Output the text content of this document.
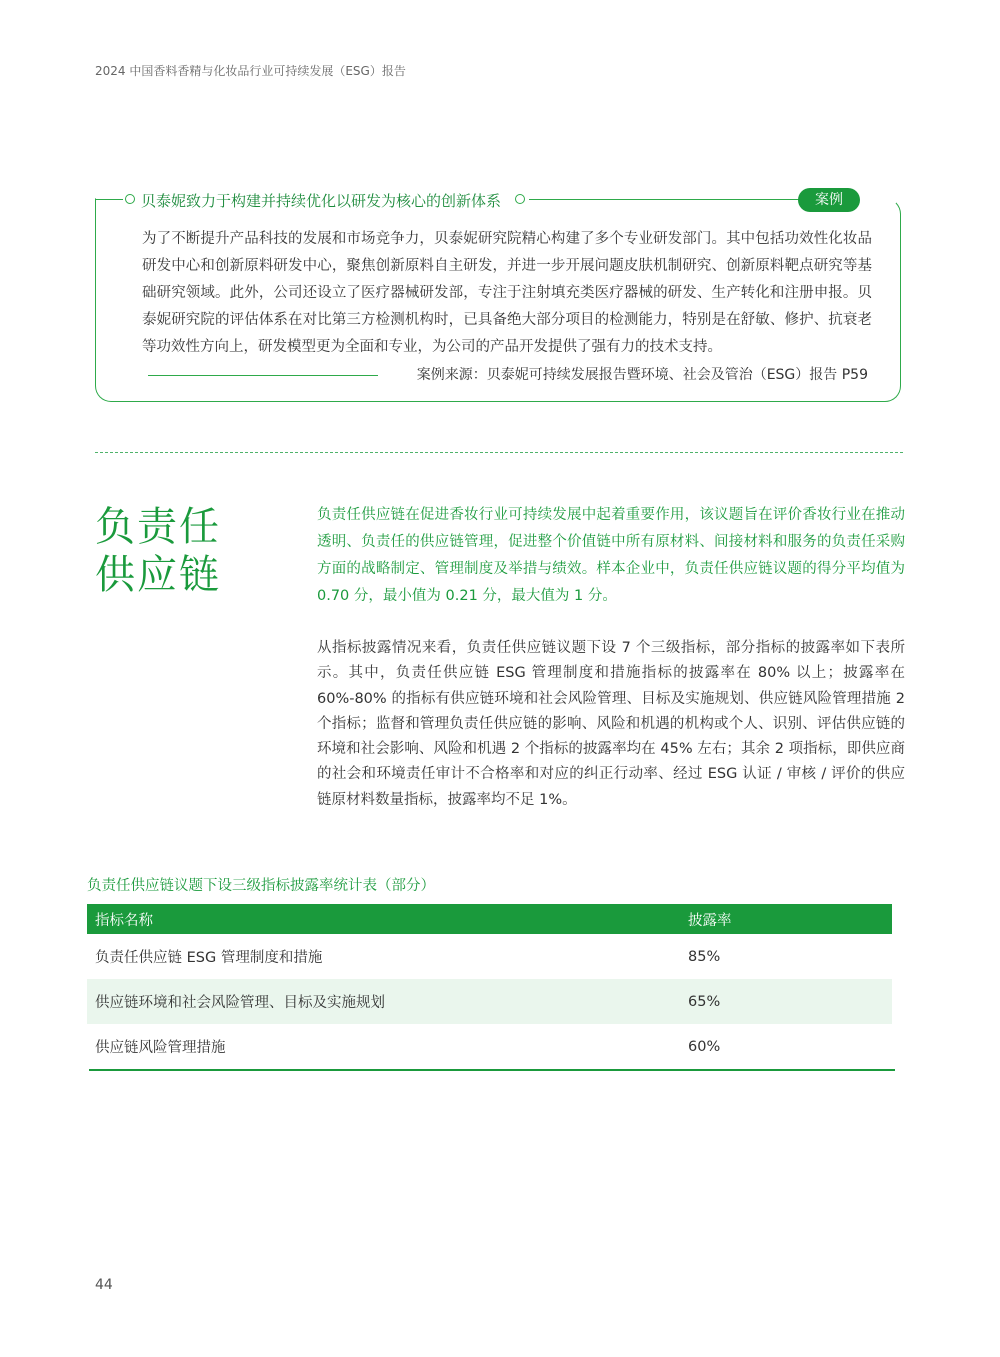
2024 中国香料香精与化妆品行业可持续发展（ESG）报告
贝泰妮致力于构建并持续优化以研发为核心的创新体系	案例
为了不断提升产品科技的发展和市场竞争力，贝泰妮研究院精心构建了多个专业研发部门。其中包括功效性化妆品研发中心和创新原料研发中心，聚焦创新原料自主研发，并进一步开展问题皮肤机制研究、创新原料靶点研究等基础研究领域。此外，公司还设立了医疗器械研发部，专注于注射填充类医疗器械的研发、生产转化和注册申报。贝泰妮研究院的评估体系在对比第三方检测机构时，已具备绝大部分项目的检测能力，特别是在舒敏、修护、抗衰老等功效性方向上，研发模型更为全面和专业，为公司的产品开发提供了强有力的技术支持。
案例来源：贝泰妮可持续发展报告暨环境、社会及管治（ESG）报告 P59
负责任
供应链
负责任供应链在促进香妆行业可持续发展中起着重要作用，该议题旨在评价香妆行业在推动透明、负责任的供应链管理，促进整个价值链中所有原材料、间接材料和服务的负责任采购方面的战略制定、管理制度及举措与绩效。样本企业中，负责任供应链议题的得分平均值为 0.70 分，最小值为 0.21 分，最大值为 1 分。
从指标披露情况来看，负责任供应链议题下设 7 个三级指标，部分指标的披露率如下表所示。其中，负责任供应链 ESG 管理制度和措施指标的披露率在 80% 以上；披露率在 60%-80% 的指标有供应链环境和社会风险管理、目标及实施规划、供应链风险管理措施 2 个指标；监督和管理负责任供应链的影响、风险和机遇的机构或个人、识别、评估供应链的环境和社会影响、风险和机遇 2 个指标的披露率均在 45% 左右；其余 2 项指标，即供应商的社会和环境责任审计不合格率和对应的纠正行动率、经过 ESG 认证 / 审核 / 评价的供应链原材料数量指标，披露率均不足 1%。
负责任供应链议题下设三级指标披露率统计表（部分）
指标名称	披露率
负责任供应链 ESG 管理制度和措施	85%
供应链环境和社会风险管理、目标及实施规划	65%
供应链风险管理措施	60%
44
